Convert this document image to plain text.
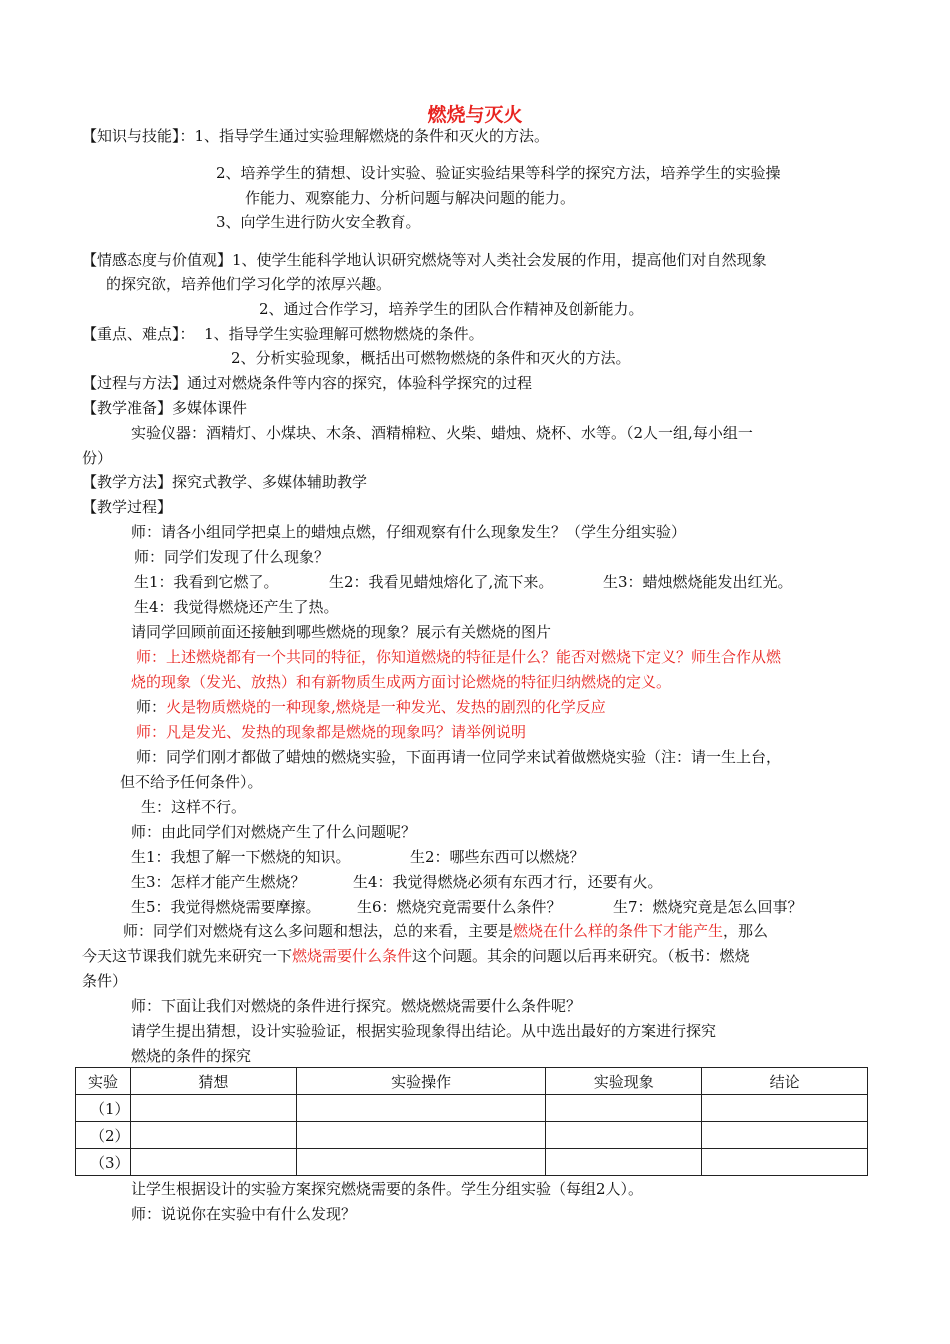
燃烧与灭火
【知识与技能】：1、指导学生通过实验理解燃烧的条件和灭火的方法。
2、培养学生的猜想、设计实验、验证实验结果等科学的探究方法，培养学生的实验操
作能力、观察能力、分析问题与解决问题的能力。
3、向学生进行防火安全教育。
【情感态度与价值观】1、使学生能科学地认识研究燃烧等对人类社会发展的作用，提高他们对自然现象
的探究欲，培养他们学习化学的浓厚兴趣。
2、通过合作学习，培养学生的团队合作精神及创新能力。
【重点、难点】： 1、指导学生实验理解可燃物燃烧的条件。
2、分析实验现象，概括出可燃物燃烧的条件和灭火的方法。
【过程与方法】通过对燃烧条件等内容的探究，体验科学探究的过程
【教学准备】多媒体课件
实验仪器：酒精灯、小煤块、木条、酒精棉粒、火柴、蜡烛、烧杯、水等。（2人一组,每小组一
份）
【教学方法】探究式教学、多媒体辅助教学
【教学过程】
师：请各小组同学把桌上的蜡烛点燃，仔细观察有什么现象发生？（学生分组实验）
师：同学们发现了什么现象？
生1：我看到它燃了。	生2：我看见蜡烛熔化了,流下来。	生3：蜡烛燃烧能发出红光。
生4：我觉得燃烧还产生了热。
请同学回顾前面还接触到哪些燃烧的现象？展示有关燃烧的图片
师：上述燃烧都有一个共同的特征，你知道燃烧的特征是什么？能否对燃烧下定义？师生合作从燃
烧的现象（发光、放热）和有新物质生成两方面讨论燃烧的特征归纳燃烧的定义。
师：火是物质燃烧的一种现象,燃烧是一种发光、发热的剧烈的化学反应
师：凡是发光、发热的现象都是燃烧的现象吗？请举例说明
师：同学们刚才都做了蜡烛的燃烧实验，下面再请一位同学来试着做燃烧实验（注：请一生上台，
但不给予任何条件）。
生：这样不行。
师：由此同学们对燃烧产生了什么问题呢？
生1：我想了解一下燃烧的知识。	生2：哪些东西可以燃烧？
生3：怎样才能产生燃烧？	生4：我觉得燃烧必须有东西才行，还要有火。
生5：我觉得燃烧需要摩擦。 生6：燃烧究竟需要什么条件？	生7：燃烧究竟是怎么回事？
师：同学们对燃烧有这么多问题和想法，总的来看，主要是燃烧在什么样的条件下才能产生，那么
今天这节课我们就先来研究一下燃烧需要什么条件这个问题。其余的问题以后再来研究。（板书：燃烧
条件）
师：下面让我们对燃烧的条件进行探究。燃烧燃烧需要什么条件呢？
请学生提出猜想，设计实验验证，根据实验现象得出结论。从中选出最好的方案进行探究
燃烧的条件的探究
实验	猜想	实验操作	实验现象	结论
（1）				
（2）				
（3）				
让学生根据设计的实验方案探究燃烧需要的条件。学生分组实验（每组2人）。
师：说说你在实验中有什么发现？
